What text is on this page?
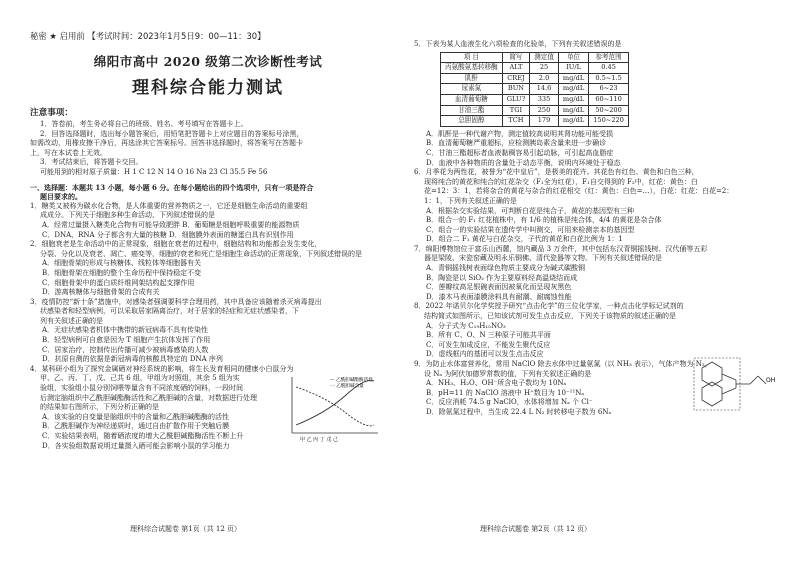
秘密 ★ 启用前 【考试时间：2023年1月5日9：00—11：30】
绵阳市高中 2020 级第二次诊断性考试
理科综合能力测试
注意事项：
1．答卷前，考生务必将自己的班级、姓名、考号填写在答题卡上。
2．回答选择题时，选出每小题答案后，用铅笔把答题卡上对应题目的答案标号涂黑，
如需改动，用橡皮擦干净后，再选涂其它答案标号。回答非选择题时，将答案写在答题卡
上，写在本试卷上无效。
3．考试结束后，将答题卡交回。
可能用到的相对原子质量：H 1 C 12 N 14 O 16 Na 23 Cl 35.5 Fe 56
一、选择题：本题共 13 小题，每小题 6 分。在每小题给出的四个选项中，只有一项是符合
题目要求的。
1．糖类又被称为碳水化合物，是人体重要的营养物质之一，它还是细胞生命活动的重要组
成成分。下列关于细胞多种生命活动，下列叙述错误的是
A．经常过量摄入糖类化合物有可能导致肥胖 B．葡萄糖是细胞呼吸重要的能源物质
C．DNA、RNA 分子都含有大量的核糖 D．细胞膜外表面的糖蛋白具有识别作用
2．细胞衰老是生命活动中的正常现象，细胞在衰老的过程中，细胞结构和功能都会发生变化，
分裂、分化以及衰老、凋亡、癌变等，细胞的衰老和死亡是细胞生命活动的正常现象，下列叙述错误的是
A．细胞骨架的形成与核糖体、线粒体等细胞器有关
B．细胞骨架在细胞的整个生命历程中保持稳定不变
C．细胞骨架中的蛋白质纤维网架结构起支撑作用
D．游离核糖体与细胞骨架的合成有关
3．疫情防控“新十条”措施中，对感染者强调要科学合理用药，其中具备应该随着杀灭病毒提出
状感染者和轻型病例，可以采取居家隔离治疗，对于居家的轻症和无症状感染者，下
列有关叙述正确的是
A．无症状感染者机体中携带的新冠病毒不具有传染性
B．轻型病例可自愈是因为 T 细胞产生抗体发挥了作用
C．居家治疗，控制传出传播可减少被病毒感染的人数
D．抗原自测的依据是新冠病毒的核酸具特定的 DNA 序列
4．某科研小组为了探究金属硒对神经系统的影响，将生长发育相同的健康小白鼠分为
甲、乙、丙、丁、戊、己共 6 组，甲组为对照组，其余 5 组为实
验组，实验组小鼠分别饲喂等量含有不同浓度硒的饲料，一段时间
后测定脑组织中乙酰胆碱酯酶活性和乙酰胆碱的含量，对数据进行处理
的结果如右图所示，下列分析正确的是
A．该实验的自变量是脑组织中的含量和乙酰胆碱酯酶的活性
B．乙酰胆碱作为神经递质时，通过自由扩散作用于突触后膜
C．实验结果表明，随着硒浓度的增大乙酰胆碱酯酶活性不断上升
D．各实验组数据说明过量摄入硒可能会影响小鼠的学习能力
— 乙酰胆碱酯酶活性
- - 乙酰胆碱含量
甲 乙 丙 丁 戊 己
理科综合试题卷 第1页（共 12 页）
5．下表为某人血液生化六项检查的化验单，下列有关叙述错误的是
项 目	简写	测定值	单位	参考范围
丙氨酸氨基转移酶	ALT	25	IU/L	0.45
肌酐	CREJ	2.0	mg/dL	0.5~1.5
尿素氮	BUN	14.6	mg/dL	6~23
血清葡萄糖	GLU?	335	mg/dL	60~110
甘油三酯	TGI	250	mg/dL	50~200
总胆固醇	TCH	179	mg/dL	150~220
A．肌酐是一种代谢产物，测定值较高说明其肾功能可能受损
B．血清葡萄糖严重超标，应检测胰岛素含量来进一步确诊
C．甘油三酯超标者血液黏稠容易引起动脉，可引起高血脂症
D．血液中各种物质的含量处于动态平衡，说明内环境处于稳态
6．月季花为两性花，被誉为“花中皇后”，是极美的花卉。其花色有红色、黄色和白色三种，
现将纯合的黄花和纯合的红花杂交（F₁全为红花），F₁自交得到的 F₂中，红花：黄色：白
花=12：3：1，若将杂合的黄花与杂合的红花相交（红：黄色：白色=…），白花：红花：白花=2：
1：1，下列有关叙述正确的是
A．根据杂交实验结果，可判断白花是纯合子，黄花的基因型有三种
B．组合一的 F₁ 红花植株中，有 1/6 的植株是纯合体，4/4 的黄花是杂合体
C．组合一的实验结果在遗传学中叫测交，可用来检测亲本的基因型
D．组合二 F₁ 黄花与白花杂交，子代的黄花和白花比例为 1：1
7．绵阳博物馆位于富乐山西麓，馆内藏品 3 万余件，其中包括东汉青铜摇钱树、汉代俑等五彩
器是梁陵、宋瓷窑藏及明永乐铜佛、清代瓷器等文物。下列有关叙述错误的是
A．青铜摇钱树表面绿色物质主要成分为碱式碳酸铜
B．陶瓷是以 SiO₂ 作为主要原料经高温烧结而成
C．莲瓣纹高足银碗表面因被氧化而呈现灰黑色
D．漆木马表面漆膜涂料具有耐潮、耐腐蚀性能
8．2022 年诺贝尔化学奖授予研究“点击化学”的三位化学家，一种点击化学标记试剂的
结构简式如图所示，已知该试剂可发生点击反应，下列关于该物质的叙述正确的是
A．分子式为 C₁₉H₁₅NO₃
B．所有 C、O、N 三种原子可能共平面
C．可发生加成反应，不能发生聚代反应
D．虚线框内的基团可以发生点击反应
9．为防止水体富营养化，常用 NaClO 除去水体中过量氨氮（以 NH₃ 表示），气体产物为 N₂，
设 Nₐ 为阿伏加德罗常数的值，下列有关叙述正确的是
A．NH₃、H₂O、OH⁻所含电子数均为 10Nₐ
B．pH=11 的 NaClO 溶液中 H⁺数目为 10⁻¹¹Nₐ
C．反应消耗 74.5 g NaClO，水体将增加 Nₐ 个 Cl⁻
D．除氨氮过程中，当生成 22.4 L N₂ 时转移电子数为 6Nₐ
OH
理科综合试题卷 第2页（共 12 页）
